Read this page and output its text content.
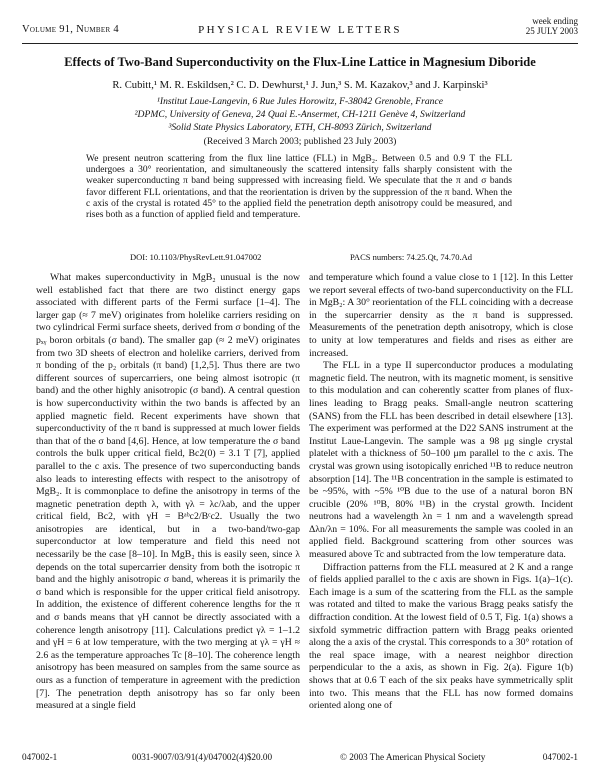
Volume 91, Number 4	PHYSICAL REVIEW LETTERS
week ending
25 JULY 2003
Effects of Two-Band Superconductivity on the Flux-Line Lattice in Magnesium Diboride
R. Cubitt,¹ M. R. Eskildsen,² C. D. Dewhurst,¹ J. Jun,³ S. M. Kazakov,³ and J. Karpinski³
¹Institut Laue-Langevin, 6 Rue Jules Horowitz, F-38042 Grenoble, France
²DPMC, University of Geneva, 24 Quai E.-Ansermet, CH-1211 Genève 4, Switzerland
³Solid State Physics Laboratory, ETH, CH-8093 Zürich, Switzerland
(Received 3 March 2003; published 23 July 2003)
We present neutron scattering from the flux line lattice (FLL) in MgB₂. Between 0.5 and 0.9 T the FLL undergoes a 30° reorientation, and simultaneously the scattered intensity falls sharply consistent with the weaker superconducting π band being suppressed with increasing field. We speculate that the π and σ bands favor different FLL orientations, and that the reorientation is driven by the suppression of the π band. When the c axis of the crystal is rotated 45° to the applied field the penetration depth anisotropy could be measured, and rises both as a function of applied field and temperature.
DOI: 10.1103/PhysRevLett.91.047002	PACS numbers: 74.25.Qt, 74.70.Ad

What makes superconductivity in MgB₂ unusual is the now well established fact that there are two distinct energy gaps associated with different parts of the Fermi surface [1–4]. The larger gap (≈ 7 meV) originates from holelike carriers residing on two cylindrical Fermi surface sheets, derived from σ bonding of the pₓᵧ boron orbitals (σ band). The smaller gap (≈ 2 meV) originates from two 3D sheets of electron and holelike carriers, derived from π bonding of the p₂ orbitals (π band) [1,2,5]. Thus there are two different sources of supercarriers, one being almost isotropic (π band) and the other highly anisotropic (σ band). A central question is how superconductivity within the two bands is affected by an applied magnetic field. Recent experiments have shown that superconductivity of the π band is suppressed at much lower fields than that of the σ band [4,6]. Hence, at low temperature the σ band controls the bulk upper critical field, Bc2(0) = 3.1 T [7], applied parallel to the c axis. The presence of two superconducting bands also leads to interesting effects with respect to the anisotropy of MgB₂. It is commonplace to define the anisotropy in terms of the magnetic penetration depth λ, with γλ = λc/λab, and the upper critical field, Bc2, with γH = Bᵃᵇc2/Bᶜc2. Usually the two anisotropies are identical, but in a two-band/two-gap superconductor at low temperature and field this need not necessarily be the case [8–10]. In MgB₂ this is easily seen, since λ depends on the total supercarrier density from both the isotropic π band and the highly anisotropic σ band, whereas it is primarily the σ band which is responsible for the upper critical field anisotropy. In addition, the existence of different coherence lengths for the π and σ bands means that γH cannot be directly associated with a coherence length anisotropy [11]. Calculations predict γλ = 1–1.2 and γH = 6 at low temperature, with the two merging at γλ = γH ≈ 2.6 as the temperature approaches Tc [8–10]. The coherence length anisotropy has been measured on samples from the same source as ours as a function of temperature in agreement with the prediction [7]. The penetration depth anisotropy has so far only been measured at a single field

and temperature which found a value close to 1 [12]. In this Letter we report several effects of two-band superconductivity on the FLL in MgB₂: A 30° reorientation of the FLL coinciding with a decrease in the supercarrier density as the π band is suppressed. Measurements of the penetration depth anisotropy, which is close to unity at low temperatures and fields and rises as either are increased.

The FLL in a type II superconductor produces a modulating magnetic field. The neutron, with its magnetic moment, is sensitive to this modulation and can coherently scatter from planes of flux-lines leading to Bragg peaks. Small-angle neutron scattering (SANS) from the FLL has been described in detail elsewhere [13]. The experiment was performed at the D22 SANS instrument at the Institut Laue-Langevin. The sample was a 98 μg single crystal platelet with a thickness of 50–100 μm parallel to the c axis. The crystal was grown using isotopically enriched ¹¹B to reduce neutron absorption [14]. The ¹¹B concentration in the sample is estimated to be ~95%, with ~5% ¹⁰B due to the use of a natural boron BN crucible (20% ¹⁰B, 80% ¹¹B) in the crystal growth. Incident neutrons had a wavelength λn = 1 nm and a wavelength spread Δλn/λn = 10%. For all measurements the sample was cooled in an applied field. Background scattering from other sources was measured above Tc and subtracted from the low temperature data.

Diffraction patterns from the FLL measured at 2 K and a range of fields applied parallel to the c axis are shown in Figs. 1(a)–1(c). Each image is a sum of the scattering from the FLL as the sample was rotated and tilted to make the various Bragg peaks satisfy the diffraction condition. At the lowest field of 0.5 T, Fig. 1(a) shows a sixfold symmetric diffraction pattern with Bragg peaks oriented along the a axis of the crystal. This corresponds to a 30° rotation of the real space image, with a nearest neighbor direction perpendicular to the a axis, as shown in Fig. 2(a). Figure 1(b) shows that at 0.6 T each of the six peaks have symmetrically split into two. This means that the FLL has now formed domains oriented along one of

047002-1	0031-9007/03/91(4)/047002(4)$20.00	© 2003 The American Physical Society	047002-1
